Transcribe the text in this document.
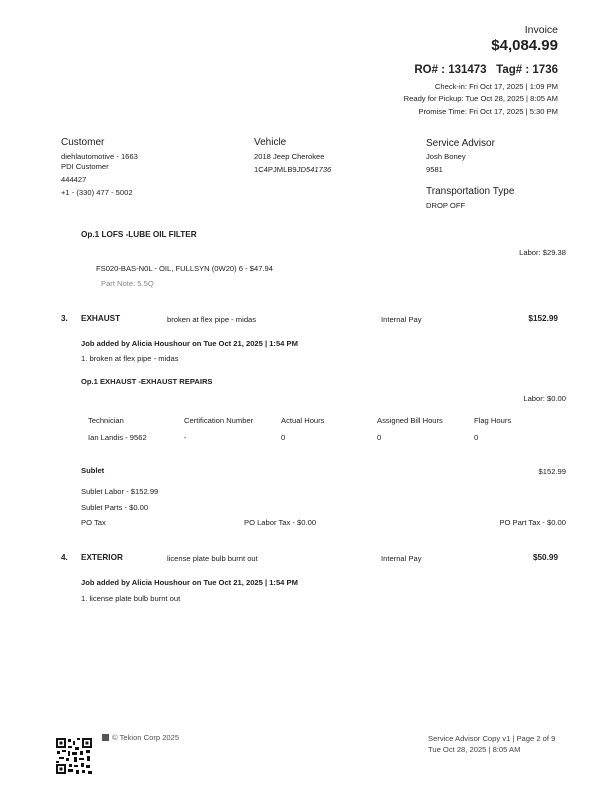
Invoice
$4,084.99
RO# : 131473 Tag# : 1736
Check-in: Fri Oct 17, 2025 | 1:09 PM
Ready for Pickup: Tue Oct 28, 2025 | 8:05 AM
Promise Time: Fri Oct 17, 2025 | 5:30 PM
Customer
diehlautomotive - 1663
PDI Customer
444427
+1 - (330) 477 - 5002
Vehicle
2018 Jeep Cherokee
1C4PJMLB9JD541736
Service Advisor
Josh Boney
9581
Transportation Type
DROP OFF
Op.1 LOFS -LUBE OIL FILTER
Labor: $29.38
FS020-BAS-N0L - OIL, FULLSYN (0W20) 6 - $47.94
Part Note: 5.5Q
3. EXHAUST	broken at flex pipe - midas	Internal Pay	$152.99
Job added by Alicia Houshour on Tue Oct 21, 2025 | 1:54 PM
1. broken at flex pipe - midas
Op.1 EXHAUST -EXHAUST REPAIRS
Labor: $0.00
Technician	Certification Number	Actual Hours	Assigned Bill Hours	Flag Hours
Ian Landis - 9562	-	0	0	0
Sublet	$152.99
Sublet Labor - $152.99
Sublet Parts - $0.00
PO Tax	PO Labor Tax - $0.00	PO Part Tax - $0.00
4. EXTERIOR	license plate bulb burnt out	Internal Pay	$50.99
Job added by Alicia Houshour on Tue Oct 21, 2025 | 1:54 PM
1. license plate bulb burnt out
© Tekion Corp 2025	Service Advisor Copy v1 | Page 2 of 9
Tue Oct 28, 2025 | 8:05 AM
